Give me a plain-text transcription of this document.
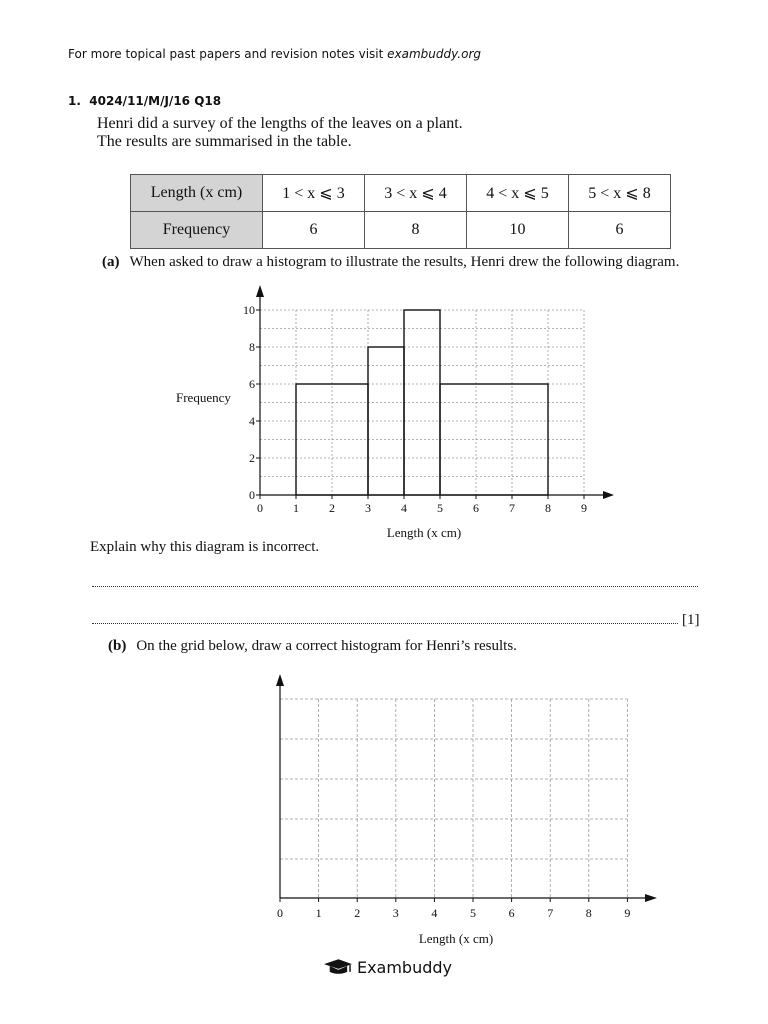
For more topical past papers and revision notes visit exambuddy.org
1. 4024/11/M/J/16 Q18
Henri did a survey of the lengths of the leaves on a plant.
The results are summarised in the table.
Length (x cm)	1 < x ⩽ 3	3 < x ⩽ 4	4 < x ⩽ 5	5 < x ⩽ 8
Frequency	6	8	10	6
(a) When asked to draw a histogram to illustrate the results, Henri drew the following diagram.
0	1	2	3	4	5	6	7	8	9
0
2
4
6
8
10
Frequency
Length (x cm)
Explain why this diagram is incorrect.
[1]
(b) On the grid below, draw a correct histogram for Henri’s results.
0	1	2	3	4	5	6	7	8	9
Length (x cm)
Exambuddy
